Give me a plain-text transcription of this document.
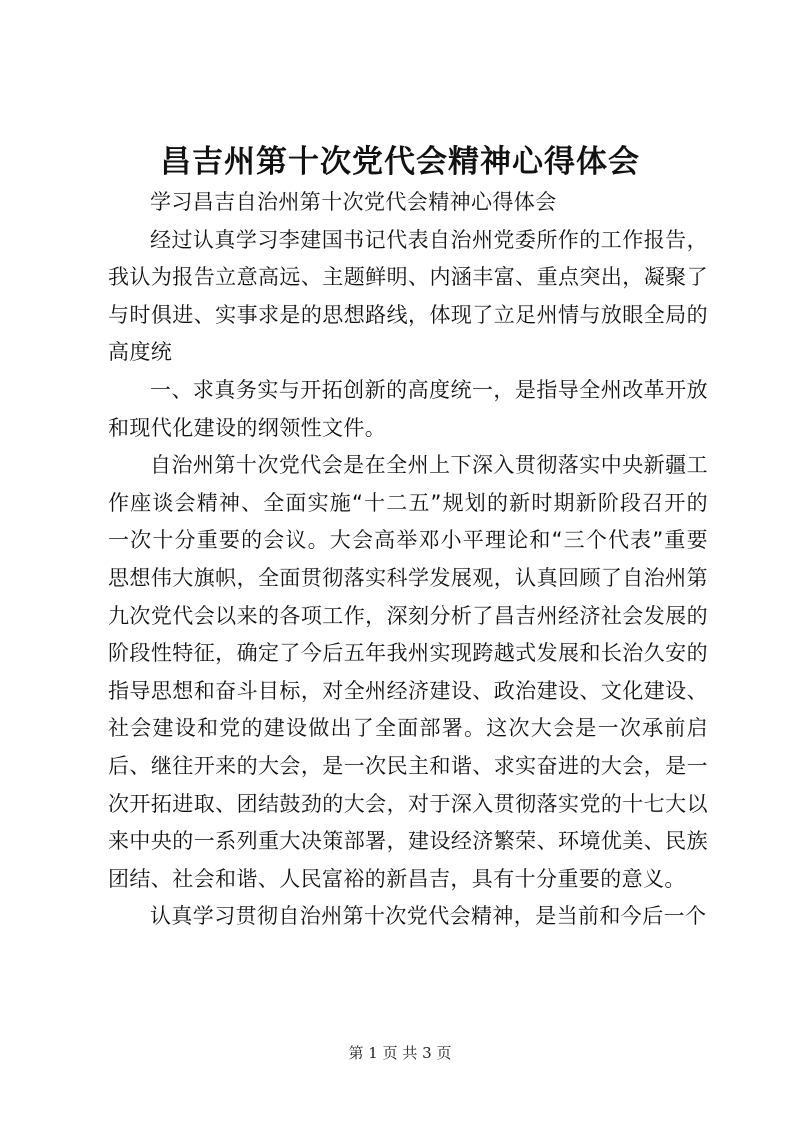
昌吉州第十次党代会精神心得体会

学习昌吉自治州第十次党代会精神心得体会

经过认真学习李建国书记代表自治州党委所作的工作报告，我认为报告立意高远、主题鲜明、内涵丰富、重点突出，凝聚了与时俱进、实事求是的思想路线，体现了立足州情与放眼全局的高度统

一、求真务实与开拓创新的高度统一，是指导全州改革开放和现代化建设的纲领性文件。

自治州第十次党代会是在全州上下深入贯彻落实中央新疆工作座谈会精神、全面实施“十二五”规划的新时期新阶段召开的一次十分重要的会议。大会高举邓小平理论和“三个代表”重要思想伟大旗帜，全面贯彻落实科学发展观，认真回顾了自治州第九次党代会以来的各项工作，深刻分析了昌吉州经济社会发展的阶段性特征，确定了今后五年我州实现跨越式发展和长治久安的指导思想和奋斗目标，对全州经济建设、政治建设、文化建设、社会建设和党的建设做出了全面部署。这次大会是一次承前启后、继往开来的大会，是一次民主和谐、求实奋进的大会，是一次开拓进取、团结鼓劲的大会，对于深入贯彻落实党的十七大以来中央的一系列重大决策部署，建设经济繁荣、环境优美、民族团结、社会和谐、人民富裕的新昌吉，具有十分重要的意义。

认真学习贯彻自治州第十次党代会精神，是当前和今后一个

第 1 页 共 3 页
